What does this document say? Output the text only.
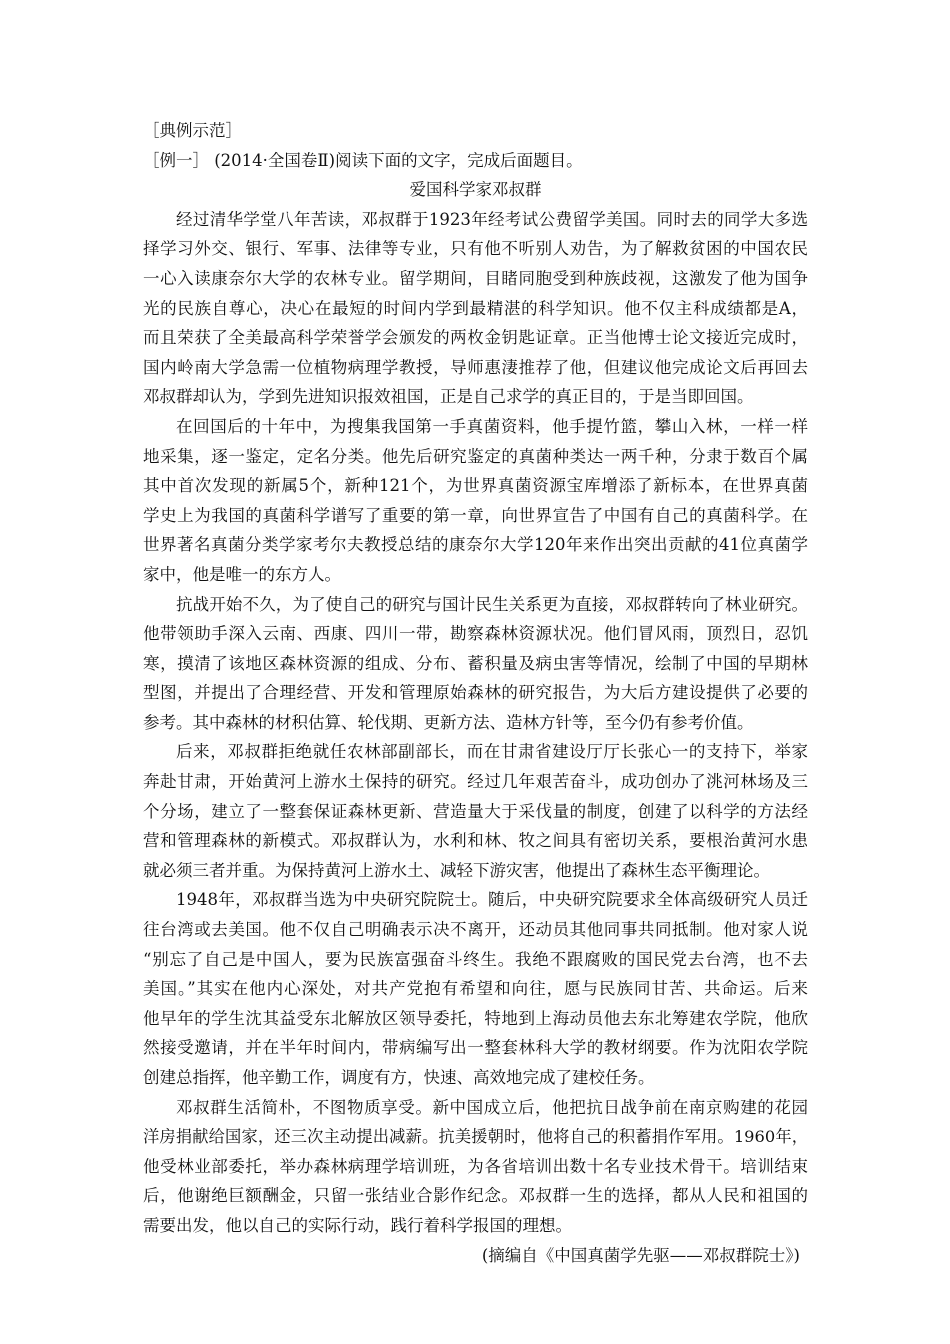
［典例示范］
［例一］ (2014·全国卷Ⅱ)阅读下面的文字，完成后面题目。
爱国科学家邓叔群
经过清华学堂八年苦读，邓叔群于1923年经考试公费留学美国。同时去的同学大多选
择学习外交、银行、军事、法律等专业，只有他不听别人劝告，为了解救贫困的中国农民
一心入读康奈尔大学的农林专业。留学期间，目睹同胞受到种族歧视，这激发了他为国争
光的民族自尊心，决心在最短的时间内学到最精湛的科学知识。他不仅主科成绩都是A，
而且荣获了全美最高科学荣誉学会颁发的两枚金钥匙证章。正当他博士论文接近完成时，
国内岭南大学急需一位植物病理学教授，导师惠淒推荐了他，但建议他完成论文后再回去
邓叔群却认为，学到先进知识报效祖国，正是自己求学的真正目的，于是当即回国。
在回国后的十年中，为搜集我国第一手真菌资料，他手提竹篮，攀山入林，一样一样
地采集，逐一鉴定，定名分类。他先后研究鉴定的真菌种类达一两千种，分隶于数百个属
其中首次发现的新属5个，新种121个，为世界真菌资源宝库增添了新标本，在世界真菌
学史上为我国的真菌科学谱写了重要的第一章，向世界宣告了中国有自己的真菌科学。在
世界著名真菌分类学家考尔夫教授总结的康奈尔大学120年来作出突出贡献的41位真菌学
家中，他是唯一的东方人。
抗战开始不久，为了使自己的研究与国计民生关系更为直接，邓叔群转向了林业研究。
他带领助手深入云南、西康、四川一带，勘察森林资源状况。他们冒风雨，顶烈日，忍饥
寒，摸清了该地区森林资源的组成、分布、蓄积量及病虫害等情况，绘制了中国的早期林
型图，并提出了合理经营、开发和管理原始森林的研究报告，为大后方建设提供了必要的
参考。其中森林的材积估算、轮伐期、更新方法、造林方针等，至今仍有参考价值。
后来，邓叔群拒绝就任农林部副部长，而在甘肃省建设厅厅长张心一的支持下，举家
奔赴甘肃，开始黄河上游水土保持的研究。经过几年艰苦奋斗，成功创办了洮河林场及三
个分场，建立了一整套保证森林更新、营造量大于采伐量的制度，创建了以科学的方法经
营和管理森林的新模式。邓叔群认为，水利和林、牧之间具有密切关系，要根治黄河水患
就必须三者并重。为保持黄河上游水土、减轻下游灾害，他提出了森林生态平衡理论。
1948年，邓叔群当选为中央研究院院士。随后，中央研究院要求全体高级研究人员迁
往台湾或去美国。他不仅自己明确表示决不离开，还动员其他同事共同抵制。他对家人说
“别忘了自己是中国人，要为民族富强奋斗终生。我绝不跟腐败的国民党去台湾，也不去
美国。”其实在他内心深处，对共产党抱有希望和向往，愿与民族同甘苦、共命运。后来
他早年的学生沈其益受东北解放区领导委托，特地到上海动员他去东北筹建农学院，他欣
然接受邀请，并在半年时间内，带病编写出一整套林科大学的教材纲要。作为沈阳农学院
创建总指挥，他辛勤工作，调度有方，快速、高效地完成了建校任务。
邓叔群生活简朴，不图物质享受。新中国成立后，他把抗日战争前在南京购建的花园
洋房捐献给国家，还三次主动提出减薪。抗美援朝时，他将自己的积蓄捐作军用。1960年，
他受林业部委托，举办森林病理学培训班，为各省培训出数十名专业技术骨干。培训结束
后，他谢绝巨额酬金，只留一张结业合影作纪念。邓叔群一生的选择，都从人民和祖国的
需要出发，他以自己的实际行动，践行着科学报国的理想。
(摘编自《中国真菌学先驱——邓叔群院士》)
